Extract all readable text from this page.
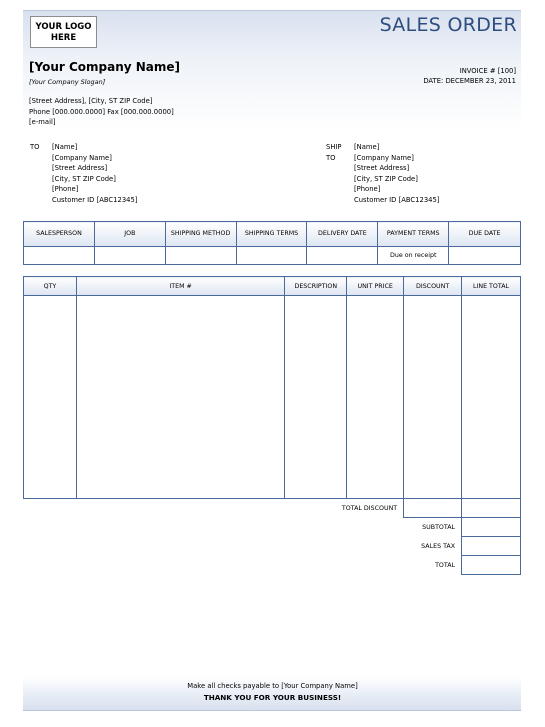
YOUR LOGO HERE
SALES ORDER
[Your Company Name]
[Your Company Slogan]
INVOICE # [100]
DATE: DECEMBER 23, 2011
[Street Address], [City, ST ZIP Code]
Phone [000.000.0000] Fax [000.000.0000]
[e-mail]
TO [Name]
[Company Name]
[Street Address]
[City, ST ZIP Code]
[Phone]
Customer ID [ABC12345]
SHIP
TO
[Name]
[Company Name]
[Street Address]
[City, ST ZIP Code]
[Phone]
Customer ID [ABC12345]
SALESPERSON	JOB	SHIPPING METHOD	SHIPPING TERMS	DELIVERY DATE	PAYMENT TERMS	DUE DATE
					Due on receipt	
QTY	ITEM #	DESCRIPTION	UNIT PRICE	DISCOUNT	LINE TOTAL

TOTAL DISCOUNT		
SUBTOTAL		
SALES TAX		
TOTAL		
Make all checks payable to [Your Company Name]
THANK YOU FOR YOUR BUSINESS!
